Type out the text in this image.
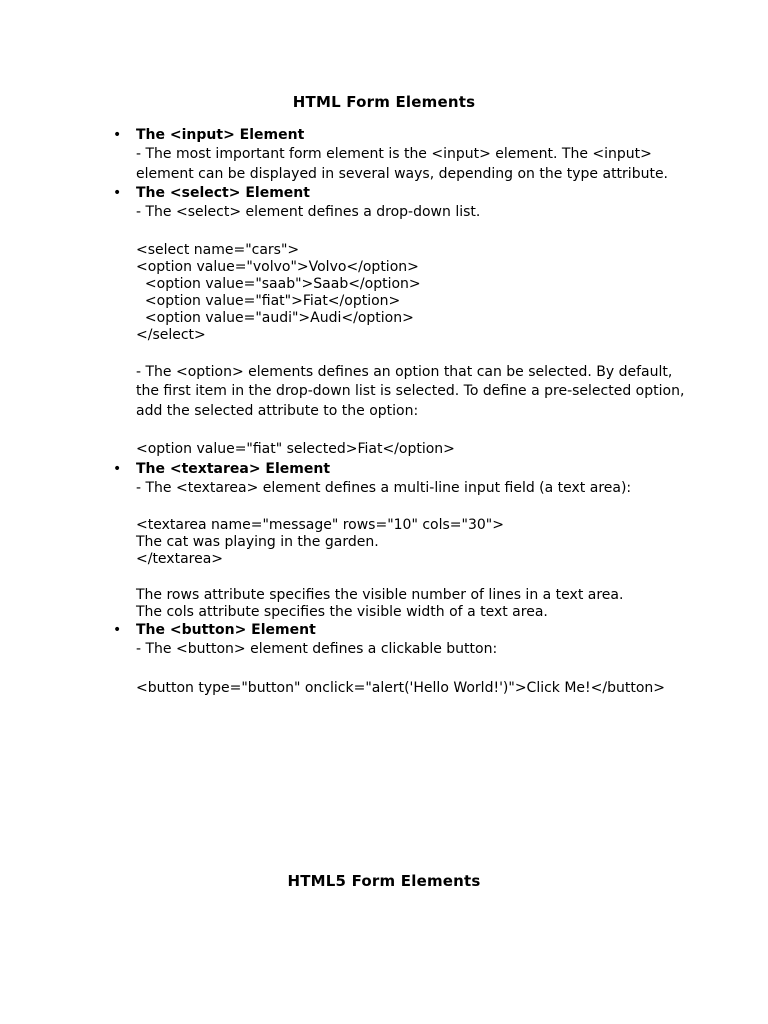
HTML Form Elements
• The <input> Element
- The most important form element is the <input> element. The <input>
element can be displayed in several ways, depending on the type attribute.
• The <select> Element
- The <select> element defines a drop-down list.
<select name="cars">
<option value="volvo">Volvo</option>
<option value="saab">Saab</option>
<option value="fiat">Fiat</option>
<option value="audi">Audi</option>
</select>
- The <option> elements defines an option that can be selected. By default,
the first item in the drop-down list is selected. To define a pre-selected option,
add the selected attribute to the option:
<option value="fiat" selected>Fiat</option>
• The <textarea> Element
- The <textarea> element defines a multi-line input field (a text area):
<textarea name="message" rows="10" cols="30">
The cat was playing in the garden.
</textarea>
The rows attribute specifies the visible number of lines in a text area.
The cols attribute specifies the visible width of a text area.
• The <button> Element
- The <button> element defines a clickable button:
<button type="button" onclick="alert('Hello World!')">Click Me!</button>
HTML5 Form Elements
